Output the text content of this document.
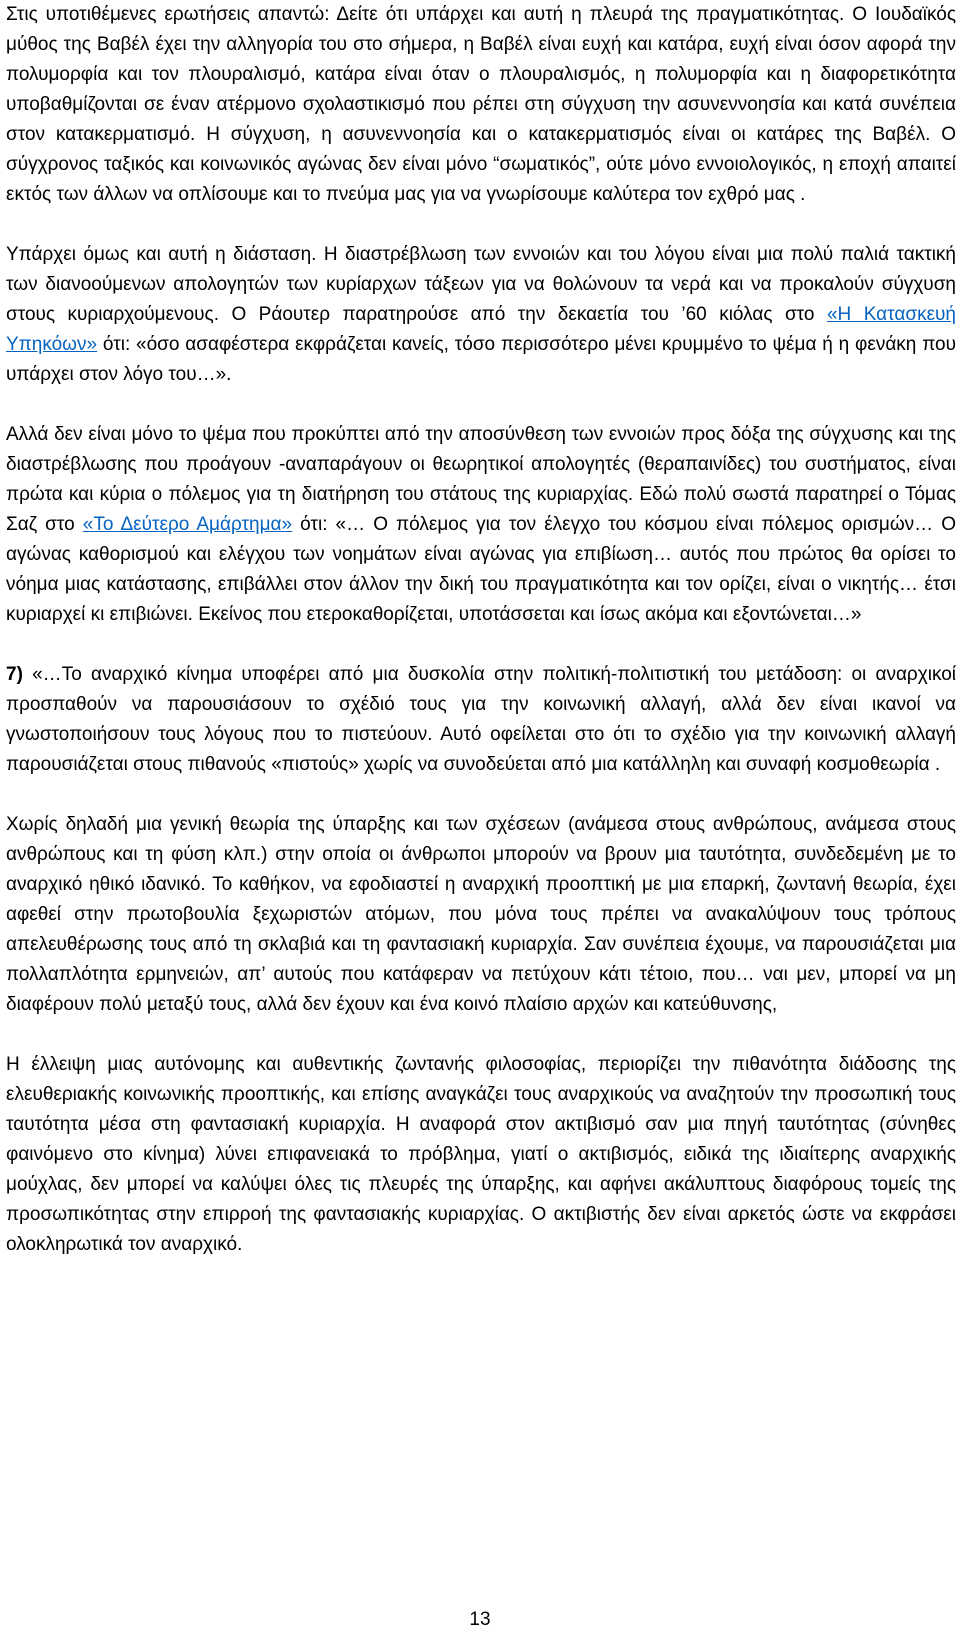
Στις υποτιθέμενες ερωτήσεις απαντώ: Δείτε ότι υπάρχει και αυτή η πλευρά της πραγματικότητας. Ο Ιουδαϊκός μύθος της Βαβέλ έχει την αλληγορία του στο σήμερα, η Βαβέλ είναι ευχή και κατάρα, ευχή είναι όσον αφορά την πολυμορφία και τον πλουραλισμό, κατάρα είναι όταν ο πλουραλισμός, η πολυμορφία και η διαφορετικότητα υποβαθμίζονται σε έναν ατέρμονο σχολαστικισμό που ρέπει στη σύγχυση την ασυνεννοησία και κατά συνέπεια στον κατακερματισμό. Η σύγχυση, η ασυνεννοησία και ο κατακερματισμός είναι οι κατάρες της Βαβέλ. Ο σύγχρονος ταξικός και κοινωνικός αγώνας δεν είναι μόνο “σωματικός”, ούτε μόνο εννοιολογικός, η εποχή απαιτεί εκτός των άλλων να οπλίσουμε και το πνεύμα μας για να γνωρίσουμε καλύτερα τον εχθρό μας .

Υπάρχει όμως και αυτή η διάσταση. Η διαστρέβλωση των εννοιών και του λόγου είναι μια πολύ παλιά τακτική των διανοούμενων απολογητών των κυρίαρχων τάξεων για να θολώνουν τα νερά και να προκαλούν σύγχυση στους κυριαρχούμενους. Ο Ράουτερ παρατηρούσε από την δεκαετία του ’60 κιόλας στο «Η Κατασκευή Υπηκόων» ότι: «όσο ασαφέστερα εκφράζεται κανείς, τόσο περισσότερο μένει κρυμμένο το ψέμα ή η φενάκη που υπάρχει στον λόγο του…».

Αλλά δεν είναι μόνο το ψέμα που προκύπτει από την αποσύνθεση των εννοιών προς δόξα της σύγχυσης και της διαστρέβλωσης που προάγουν -αναπαράγουν οι θεωρητικοί απολογητές (θεραπαινίδες) του συστήματος, είναι πρώτα και κύρια ο πόλεμος για τη διατήρηση του στάτους της κυριαρχίας. Εδώ πολύ σωστά παρατηρεί ο Τόμας Σαζ στο «Το Δεύτερο Αμάρτημα» ότι: «… Ο πόλεμος για τον έλεγχο του κόσμου είναι πόλεμος ορισμών… Ο αγώνας καθορισμού και ελέγχου των νοημάτων είναι αγώνας για επιβίωση… αυτός που πρώτος θα ορίσει το νόημα μιας κατάστασης, επιβάλλει στον άλλον την δική του πραγματικότητα και τον ορίζει, είναι ο νικητής… έτσι κυριαρχεί κι επιβιώνει. Εκείνος που ετεροκαθορίζεται, υποτάσσεται και ίσως ακόμα και εξοντώνεται…»

7) «…Το αναρχικό κίνημα υποφέρει από μια δυσκολία στην πολιτική-πολιτιστική του μετάδοση: οι αναρχικοί προσπαθούν να παρουσιάσουν το σχέδιό τους για την κοινωνική αλλαγή, αλλά δεν είναι ικανοί να γνωστοποιήσουν τους λόγους που το πιστεύουν. Αυτό οφείλεται στο ότι το σχέδιο για την κοινωνική αλλαγή παρουσιάζεται στους πιθανούς «πιστούς» χωρίς να συνοδεύεται από μια κατάλληλη και συναφή κοσμοθεωρία .

Χωρίς δηλαδή μια γενική θεωρία της ύπαρξης και των σχέσεων (ανάμεσα στους ανθρώπους, ανάμεσα στους ανθρώπους και τη φύση κλπ.) στην οποία οι άνθρωποι μπορούν να βρουν μια ταυτότητα, συνδεδεμένη με το αναρχικό ηθικό ιδανικό. Το καθήκον, να εφοδιαστεί η αναρχική προοπτική με μια επαρκή, ζωντανή θεωρία, έχει αφεθεί στην πρωτοβουλία ξεχωριστών ατόμων, που μόνα τους πρέπει να ανακαλύψουν τους τρόπους απελευθέρωσης τους από τη σκλαβιά και τη φαντασιακή κυριαρχία. Σαν συνέπεια έχουμε, να παρουσιάζεται μια πολλαπλότητα ερμηνειών, απ’ αυτούς που κατάφεραν να πετύχουν κάτι τέτοιο, που… ναι μεν, μπορεί να μη διαφέρουν πολύ μεταξύ τους, αλλά δεν έχουν και ένα κοινό πλαίσιο αρχών και κατεύθυνσης,

Η έλλειψη μιας αυτόνομης και αυθεντικής ζωντανής φιλοσοφίας, περιορίζει την πιθανότητα διάδοσης της ελευθεριακής κοινωνικής προοπτικής, και επίσης αναγκάζει τους αναρχικούς να αναζητούν την προσωπική τους ταυτότητα μέσα στη φαντασιακή κυριαρχία. Η αναφορά στον ακτιβισμό σαν μια πηγή ταυτότητας (σύνηθες φαινόμενο στο κίνημα) λύνει επιφανειακά το πρόβλημα, γιατί ο ακτιβισμός, ειδικά της ιδιαίτερης αναρχικής μούχλας, δεν μπορεί να καλύψει όλες τις πλευρές της ύπαρξης, και αφήνει ακάλυπτους διαφόρους τομείς της προσωπικότητας στην επιρροή της φαντασιακής κυριαρχίας. Ο ακτιβιστής δεν είναι αρκετός ώστε να εκφράσει ολοκληρωτικά τον αναρχικό.

13
